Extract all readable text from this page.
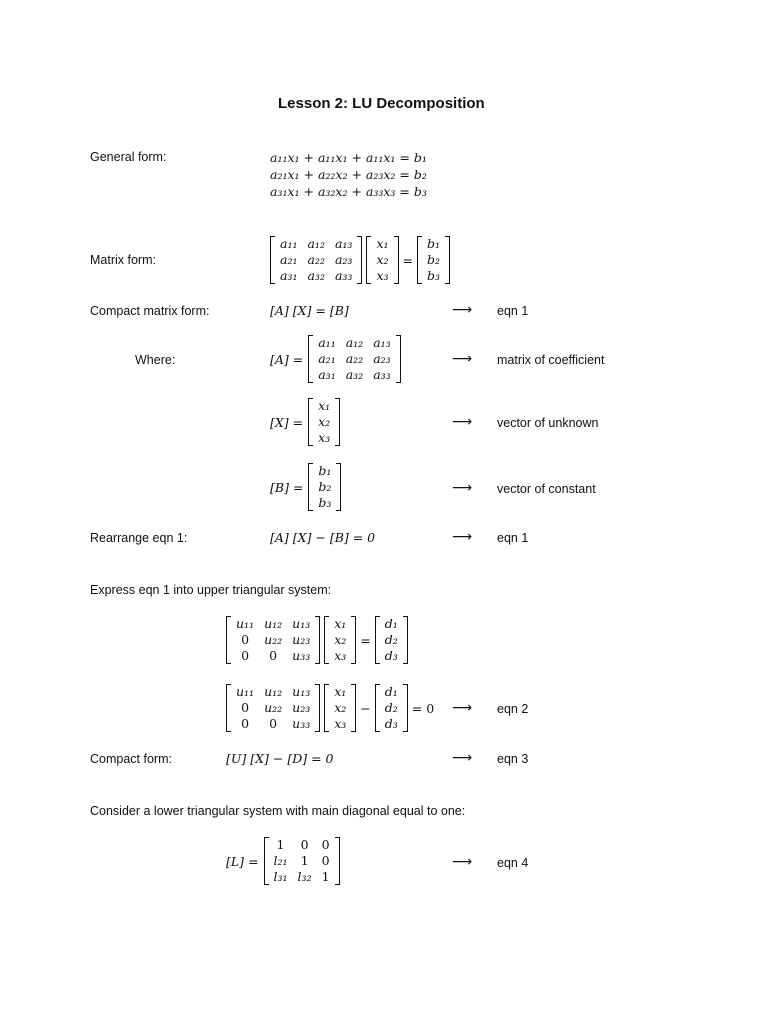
Lesson 2: LU Decomposition
General form:	a₁₁x₁ + a₁₁x₁ + a₁₁x₁ = b₁
a₂₁x₁ + a₂₂x₂ + a₂₃x₂ = b₂
a₃₁x₁ + a₃₂x₂ + a₃₃x₃ = b₃
Matrix form:
a₁₁	a₁₂	a₁₃
a₂₁	a₂₂	a₂₃
a₃₁	a₃₂	a₃₃
x₁
x₂
x₃
=
b₁
b₂
b₃
Compact matrix form:	[A] [X] = [B]	⟶ eqn 1
Where:	[A] =
a₁₁	a₁₂	a₁₃
a₂₁	a₂₂	a₂₃
a₃₁	a₃₂	a₃₃
⟶ matrix of coefficient
[X] =
x₁
x₂
x₃
⟶ vector of unknown
[B] =
b₁
b₂
b₃
⟶ vector of constant
Rearrange eqn 1:	[A] [X] − [B] = 0	⟶ eqn 1
Express eqn 1 into upper triangular system:
u₁₁	u₁₂	u₁₃
0	u₂₂	u₂₃
0	0	u₃₃
x₁
x₂
x₃
=
d₁
d₂
d₃
u₁₁	u₁₂	u₁₃
0	u₂₂	u₂₃
0	0	u₃₃
x₁
x₂
x₃
−
d₁
d₂
d₃
= 0 ⟶ eqn 2
Compact form:	[U] [X] − [D] = 0	⟶ eqn 3
Consider a lower triangular system with main diagonal equal to one:
[L] =
1	0	0
l₂₁	1	0
l₃₁	l₃₂	1
⟶ eqn 4
